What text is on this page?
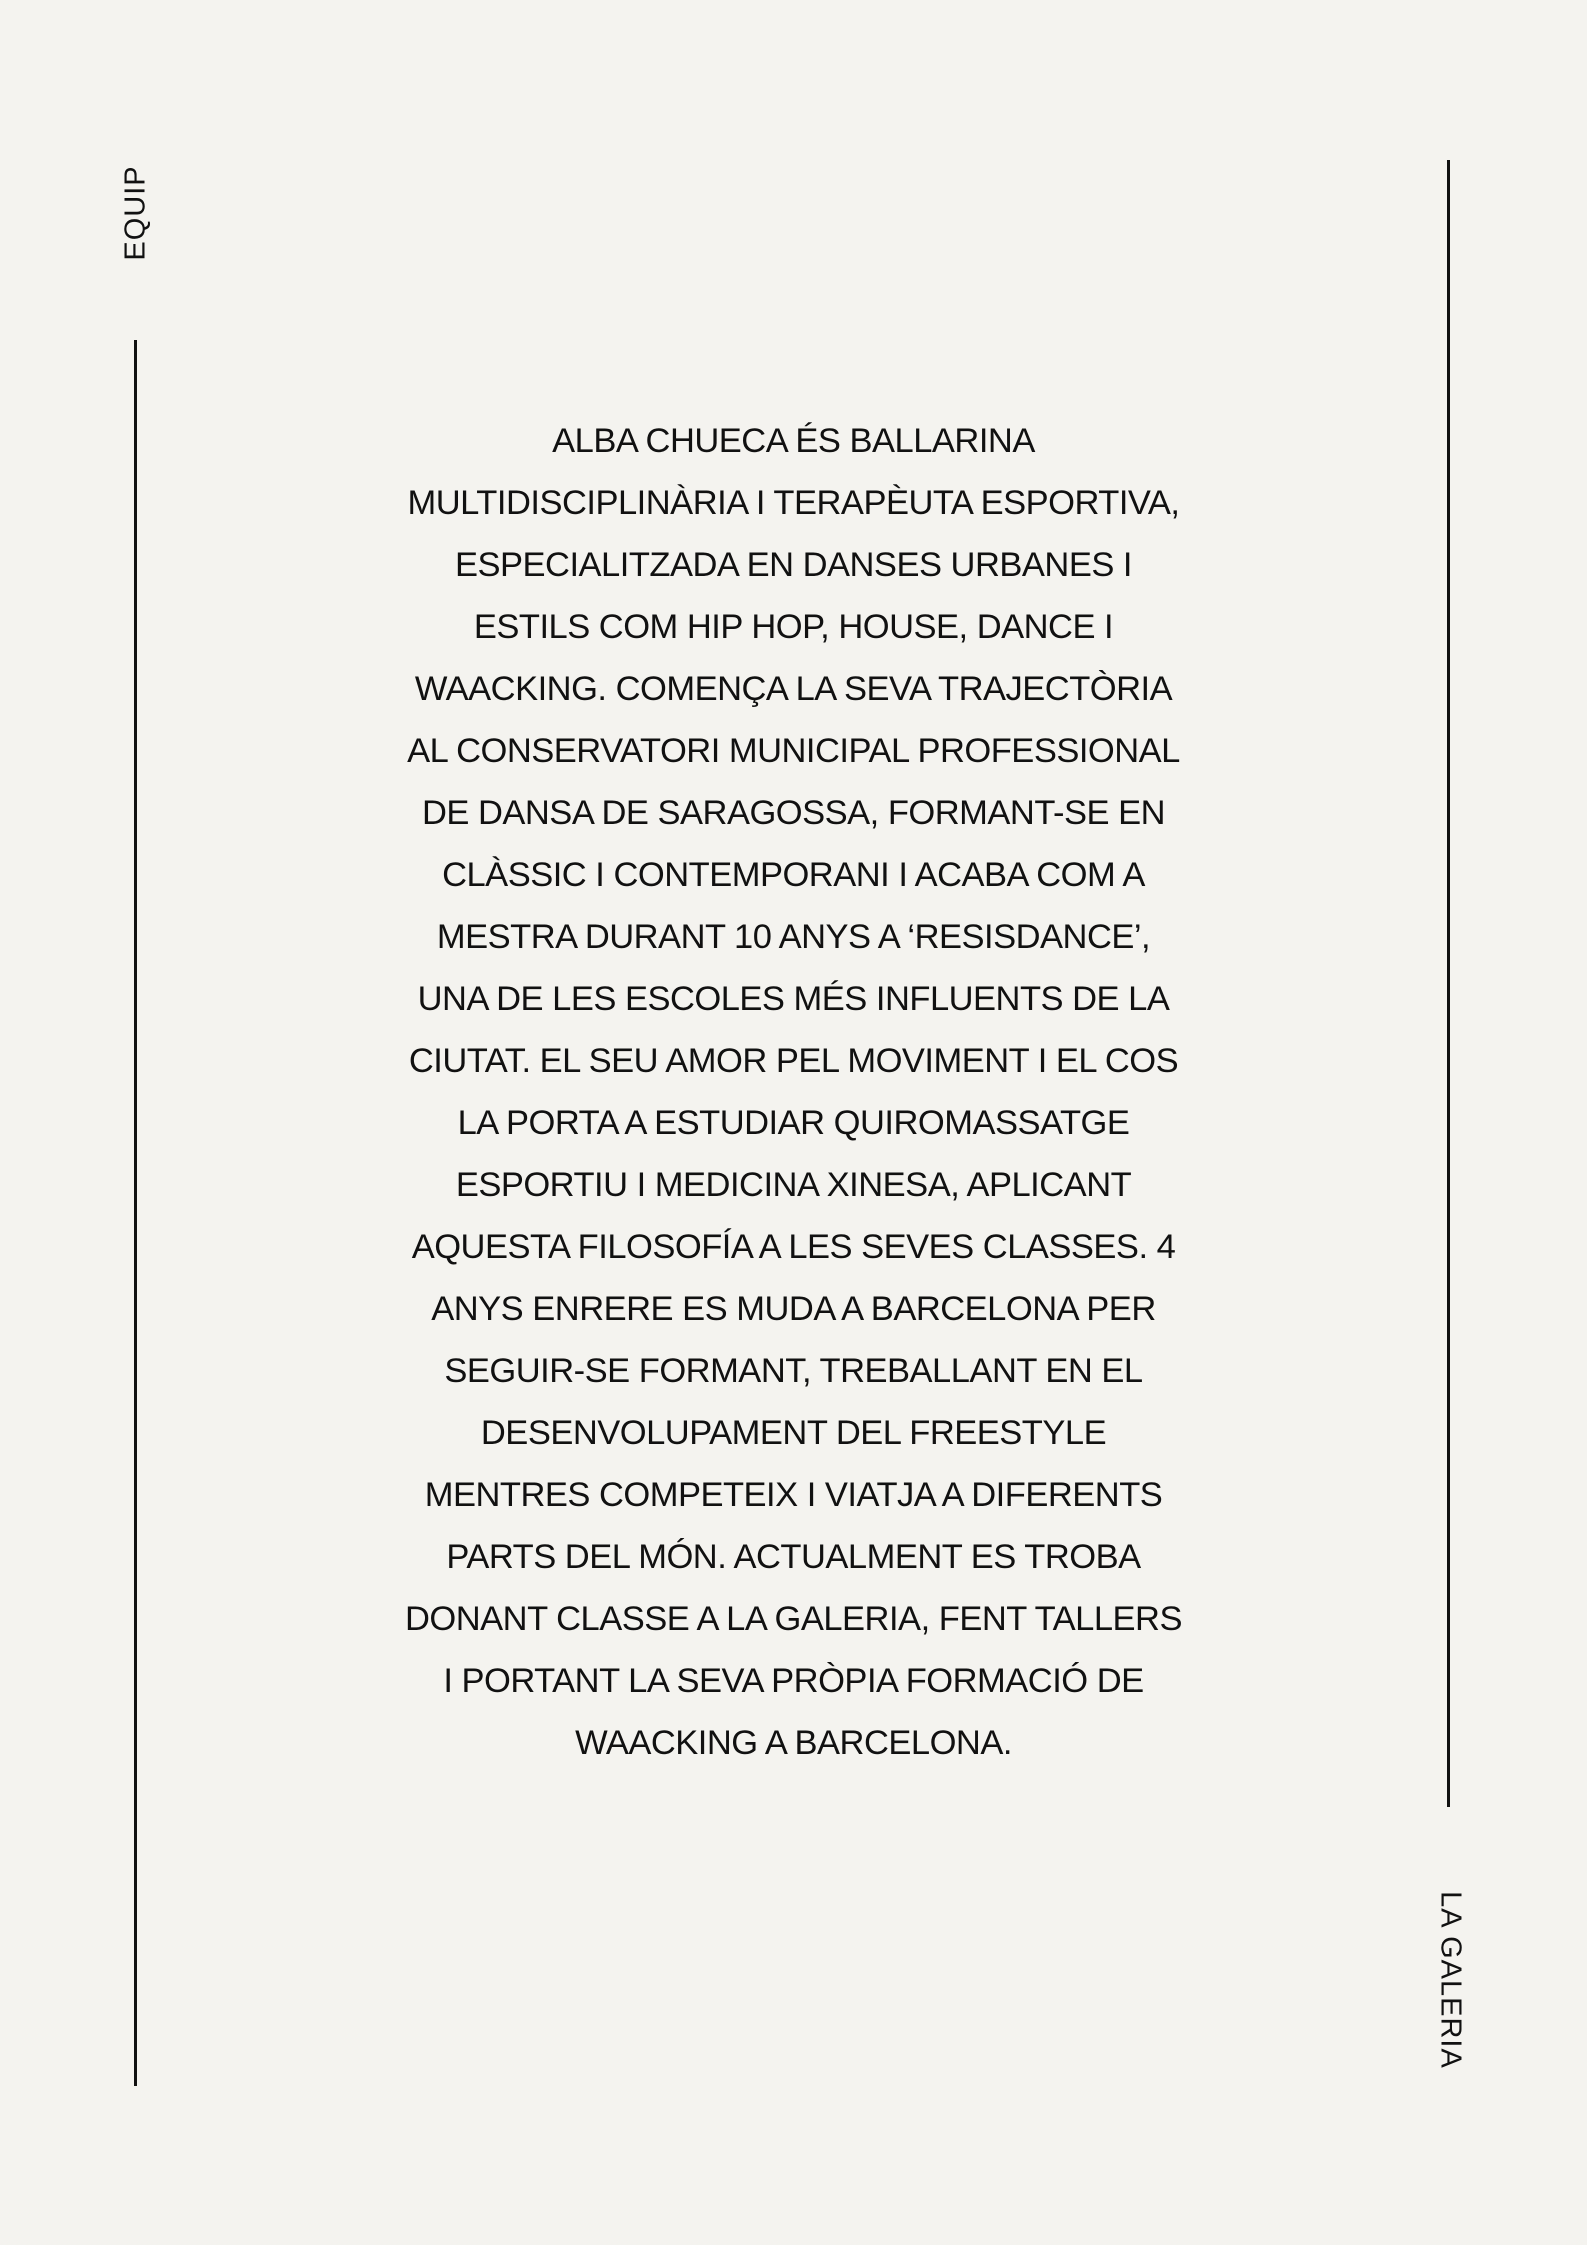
EQUIP
LA GALERIA
ALBA CHUECA ÉS BALLARINA
MULTIDISCIPLINÀRIA I TERAPÈUTA ESPORTIVA,
ESPECIALITZADA EN DANSES URBANES I
ESTILS COM HIP HOP, HOUSE, DANCE I
WAACKING. COMENÇA LA SEVA TRAJECTÒRIA
AL CONSERVATORI MUNICIPAL PROFESSIONAL
DE DANSA DE SARAGOSSA, FORMANT-SE EN
CLÀSSIC I CONTEMPORANI I ACABA COM A
MESTRA DURANT 10 ANYS A ‘RESISDANCE’,
UNA DE LES ESCOLES MÉS INFLUENTS DE LA
CIUTAT. EL SEU AMOR PEL MOVIMENT I EL COS
LA PORTA A ESTUDIAR QUIROMASSATGE
ESPORTIU I MEDICINA XINESA, APLICANT
AQUESTA FILOSOFÍA A LES SEVES CLASSES. 4
ANYS ENRERE ES MUDA A BARCELONA PER
SEGUIR-SE FORMANT, TREBALLANT EN EL
DESENVOLUPAMENT DEL FREESTYLE
MENTRES COMPETEIX I VIATJA A DIFERENTS
PARTS DEL MÓN. ACTUALMENT ES TROBA
DONANT CLASSE A LA GALERIA, FENT TALLERS
I PORTANT LA SEVA PRÒPIA FORMACIÓ DE
WAACKING A BARCELONA.
